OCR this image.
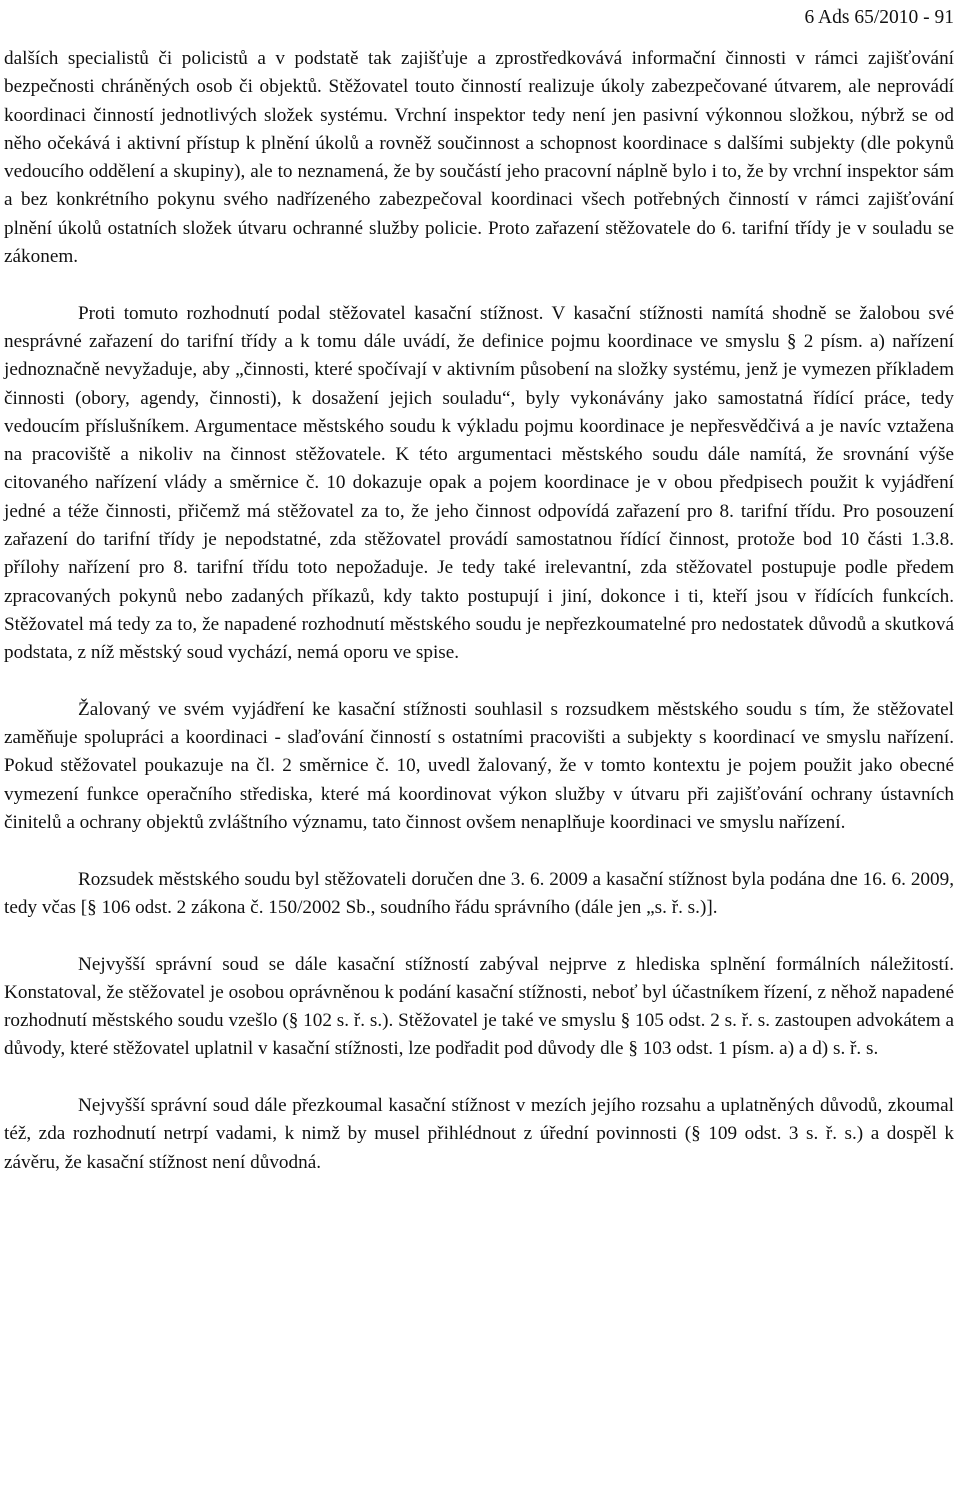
6 Ads 65/2010 - 91

dalších specialistů či policistů a v podstatě tak zajišťuje a zprostředkovává informační činnosti v rámci zajišťování bezpečnosti chráněných osob či objektů. Stěžovatel touto činností realizuje úkoly zabezpečované útvarem, ale neprovádí koordinaci činností jednotlivých složek systému. Vrchní inspektor tedy není jen pasivní výkonnou složkou, nýbrž se od něho očekává i aktivní přístup k plnění úkolů a rovněž součinnost a schopnost koordinace s dalšími subjekty (dle pokynů vedoucího oddělení a skupiny), ale to neznamená, že by součástí jeho pracovní náplně bylo i to, že by vrchní inspektor sám a bez konkrétního pokynu svého nadřízeného zabezpečoval koordinaci všech potřebných činností v rámci zajišťování plnění úkolů ostatních složek útvaru ochranné služby policie. Proto zařazení stěžovatele do 6. tarifní třídy je v souladu se zákonem.

Proti tomuto rozhodnutí podal stěžovatel kasační stížnost. V kasační stížnosti namítá shodně se žalobou své nesprávné zařazení do tarifní třídy a k tomu dále uvádí, že definice pojmu koordinace ve smyslu § 2 písm. a) nařízení jednoznačně nevyžaduje, aby „činnosti, které spočívají v aktivním působení na složky systému, jenž je vymezen příkladem činnosti (obory, agendy, činnosti), k dosažení jejich souladu“, byly vykonávány jako samostatná řídící práce, tedy vedoucím příslušníkem. Argumentace městského soudu k výkladu pojmu koordinace je nepřesvědčivá a je navíc vztažena na pracoviště a nikoliv na činnost stěžovatele. K této argumentaci městského soudu dále namítá, že srovnání výše citovaného nařízení vlády a směrnice č. 10 dokazuje opak a pojem koordinace je v obou předpisech použit k vyjádření jedné a téže činnosti, přičemž má stěžovatel za to, že jeho činnost odpovídá zařazení pro 8. tarifní třídu. Pro posouzení zařazení do tarifní třídy je nepodstatné, zda stěžovatel provádí samostatnou řídící činnost, protože bod 10 části 1.3.8. přílohy nařízení pro 8. tarifní třídu toto nepožaduje. Je tedy také irelevantní, zda stěžovatel postupuje podle předem zpracovaných pokynů nebo zadaných příkazů, kdy takto postupují i jiní, dokonce i ti, kteří jsou v řídících funkcích. Stěžovatel má tedy za to, že napadené rozhodnutí městského soudu je nepřezkoumatelné pro nedostatek důvodů a skutková podstata, z níž městský soud vychází, nemá oporu ve spise.

Žalovaný ve svém vyjádření ke kasační stížnosti souhlasil s rozsudkem městského soudu s tím, že stěžovatel zaměňuje spolupráci a koordinaci - slaďování činností s ostatními pracovišti a subjekty s koordinací ve smyslu nařízení. Pokud stěžovatel poukazuje na čl. 2 směrnice č. 10, uvedl žalovaný, že v tomto kontextu je pojem použit jako obecné vymezení funkce operačního střediska, které má koordinovat výkon služby v útvaru při zajišťování ochrany ústavních činitelů a ochrany objektů zvláštního významu, tato činnost ovšem nenaplňuje koordinaci ve smyslu nařízení.

Rozsudek městského soudu byl stěžovateli doručen dne 3. 6. 2009 a kasační stížnost byla podána dne 16. 6. 2009, tedy včas [§ 106 odst. 2 zákona č. 150/2002 Sb., soudního řádu správního (dále jen „s. ř. s.)].

Nejvyšší správní soud se dále kasační stížností zabýval nejprve z hlediska splnění formálních náležitostí. Konstatoval, že stěžovatel je osobou oprávněnou k podání kasační stížnosti, neboť byl účastníkem řízení, z něhož napadené rozhodnutí městského soudu vzešlo (§ 102 s. ř. s.). Stěžovatel je také ve smyslu § 105 odst. 2 s. ř. s. zastoupen advokátem a důvody, které stěžovatel uplatnil v kasační stížnosti, lze podřadit pod důvody dle § 103 odst. 1 písm. a) a d) s. ř. s.

Nejvyšší správní soud dále přezkoumal kasační stížnost v mezích jejího rozsahu a uplatněných důvodů, zkoumal též, zda rozhodnutí netrpí vadami, k nimž by musel přihlédnout z úřední povinnosti (§ 109 odst. 3 s. ř. s.) a dospěl k závěru, že kasační stížnost není důvodná.
